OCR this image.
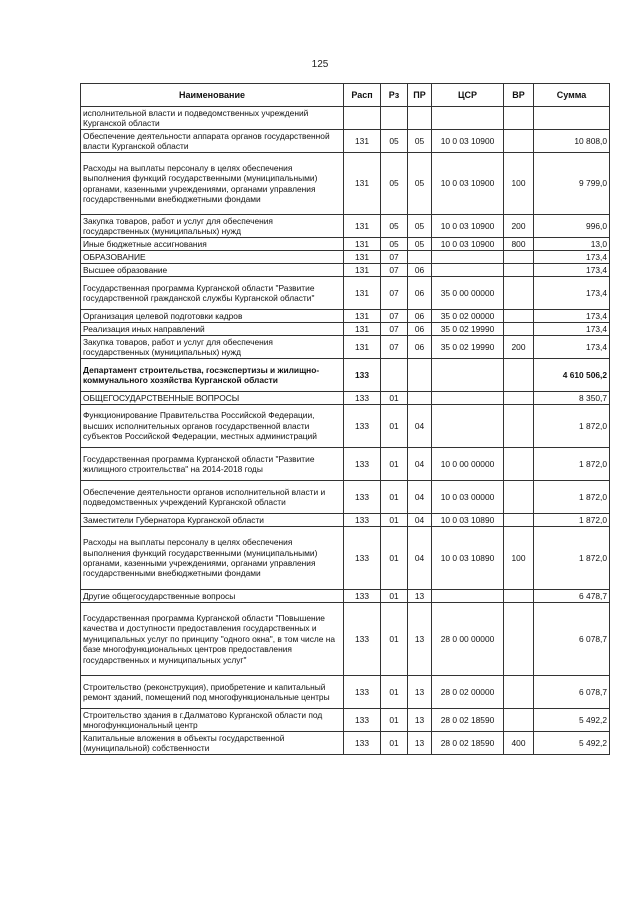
125
Наименование	Расп	Рз	ПР	ЦСР	ВР	Сумма
исполнительной власти и подведомственных учреждений Курганской области						
Обеспечение деятельности аппарата органов государственной власти Курганской области	131	05	05	10 0 03 10900		10 808,0
Расходы на выплаты персоналу в целях обеспечения выполнения функций государственными (муниципальными) органами, казенными учреждениями, органами управления государственными внебюджетными фондами	131	05	05	10 0 03 10900	100	9 799,0
Закупка товаров, работ и услуг для обеспечения государственных (муниципальных) нужд	131	05	05	10 0 03 10900	200	996,0
Иные бюджетные ассигнования	131	05	05	10 0 03 10900	800	13,0
ОБРАЗОВАНИЕ	131	07				173,4
Высшее образование	131	07	06			173,4
Государственная программа Курганской области "Развитие государственной гражданской службы Курганской области"	131	07	06	35 0 00 00000		173,4
Организация целевой подготовки кадров	131	07	06	35 0 02 00000		173,4
Реализация иных направлений	131	07	06	35 0 02 19990		173,4
Закупка товаров, работ и услуг для обеспечения государственных (муниципальных) нужд	131	07	06	35 0 02 19990	200	173,4
Департамент строительства, госэкспертизы и жилищно-коммунального хозяйства Курганской области	133					4 610 506,2
ОБЩЕГОСУДАРСТВЕННЫЕ ВОПРОСЫ	133	01				8 350,7
Функционирование Правительства Российской Федерации, высших исполнительных органов государственной власти субъектов Российской Федерации, местных администраций	133	01	04			1 872,0
Государственная программа Курганской области "Развитие жилищного строительства" на 2014-2018 годы	133	01	04	10 0 00 00000		1 872,0
Обеспечение деятельности органов исполнительной власти и подведомственных учреждений Курганской области	133	01	04	10 0 03 00000		1 872,0
Заместители Губернатора Курганской области	133	01	04	10 0 03 10890		1 872,0
Расходы на выплаты персоналу в целях обеспечения выполнения функций государственными (муниципальными) органами, казенными учреждениями, органами управления государственными внебюджетными фондами	133	01	04	10 0 03 10890	100	1 872,0
Другие общегосударственные вопросы	133	01	13			6 478,7
Государственная программа Курганской области "Повышение качества и доступности предоставления государственных и муниципальных услуг по принципу "одного окна", в том числе на базе многофункциональных центров предоставления государственных и муниципальных услуг"	133	01	13	28 0 00 00000		6 078,7
Строительство (реконструкция), приобретение и капитальный ремонт зданий, помещений под многофункциональные центры	133	01	13	28 0 02 00000		6 078,7
Строительство здания в г.Далматово Курганской области под многофункциональный центр	133	01	13	28 0 02 18590		5 492,2
Капитальные вложения в объекты государственной (муниципальной) собственности	133	01	13	28 0 02 18590	400	5 492,2
